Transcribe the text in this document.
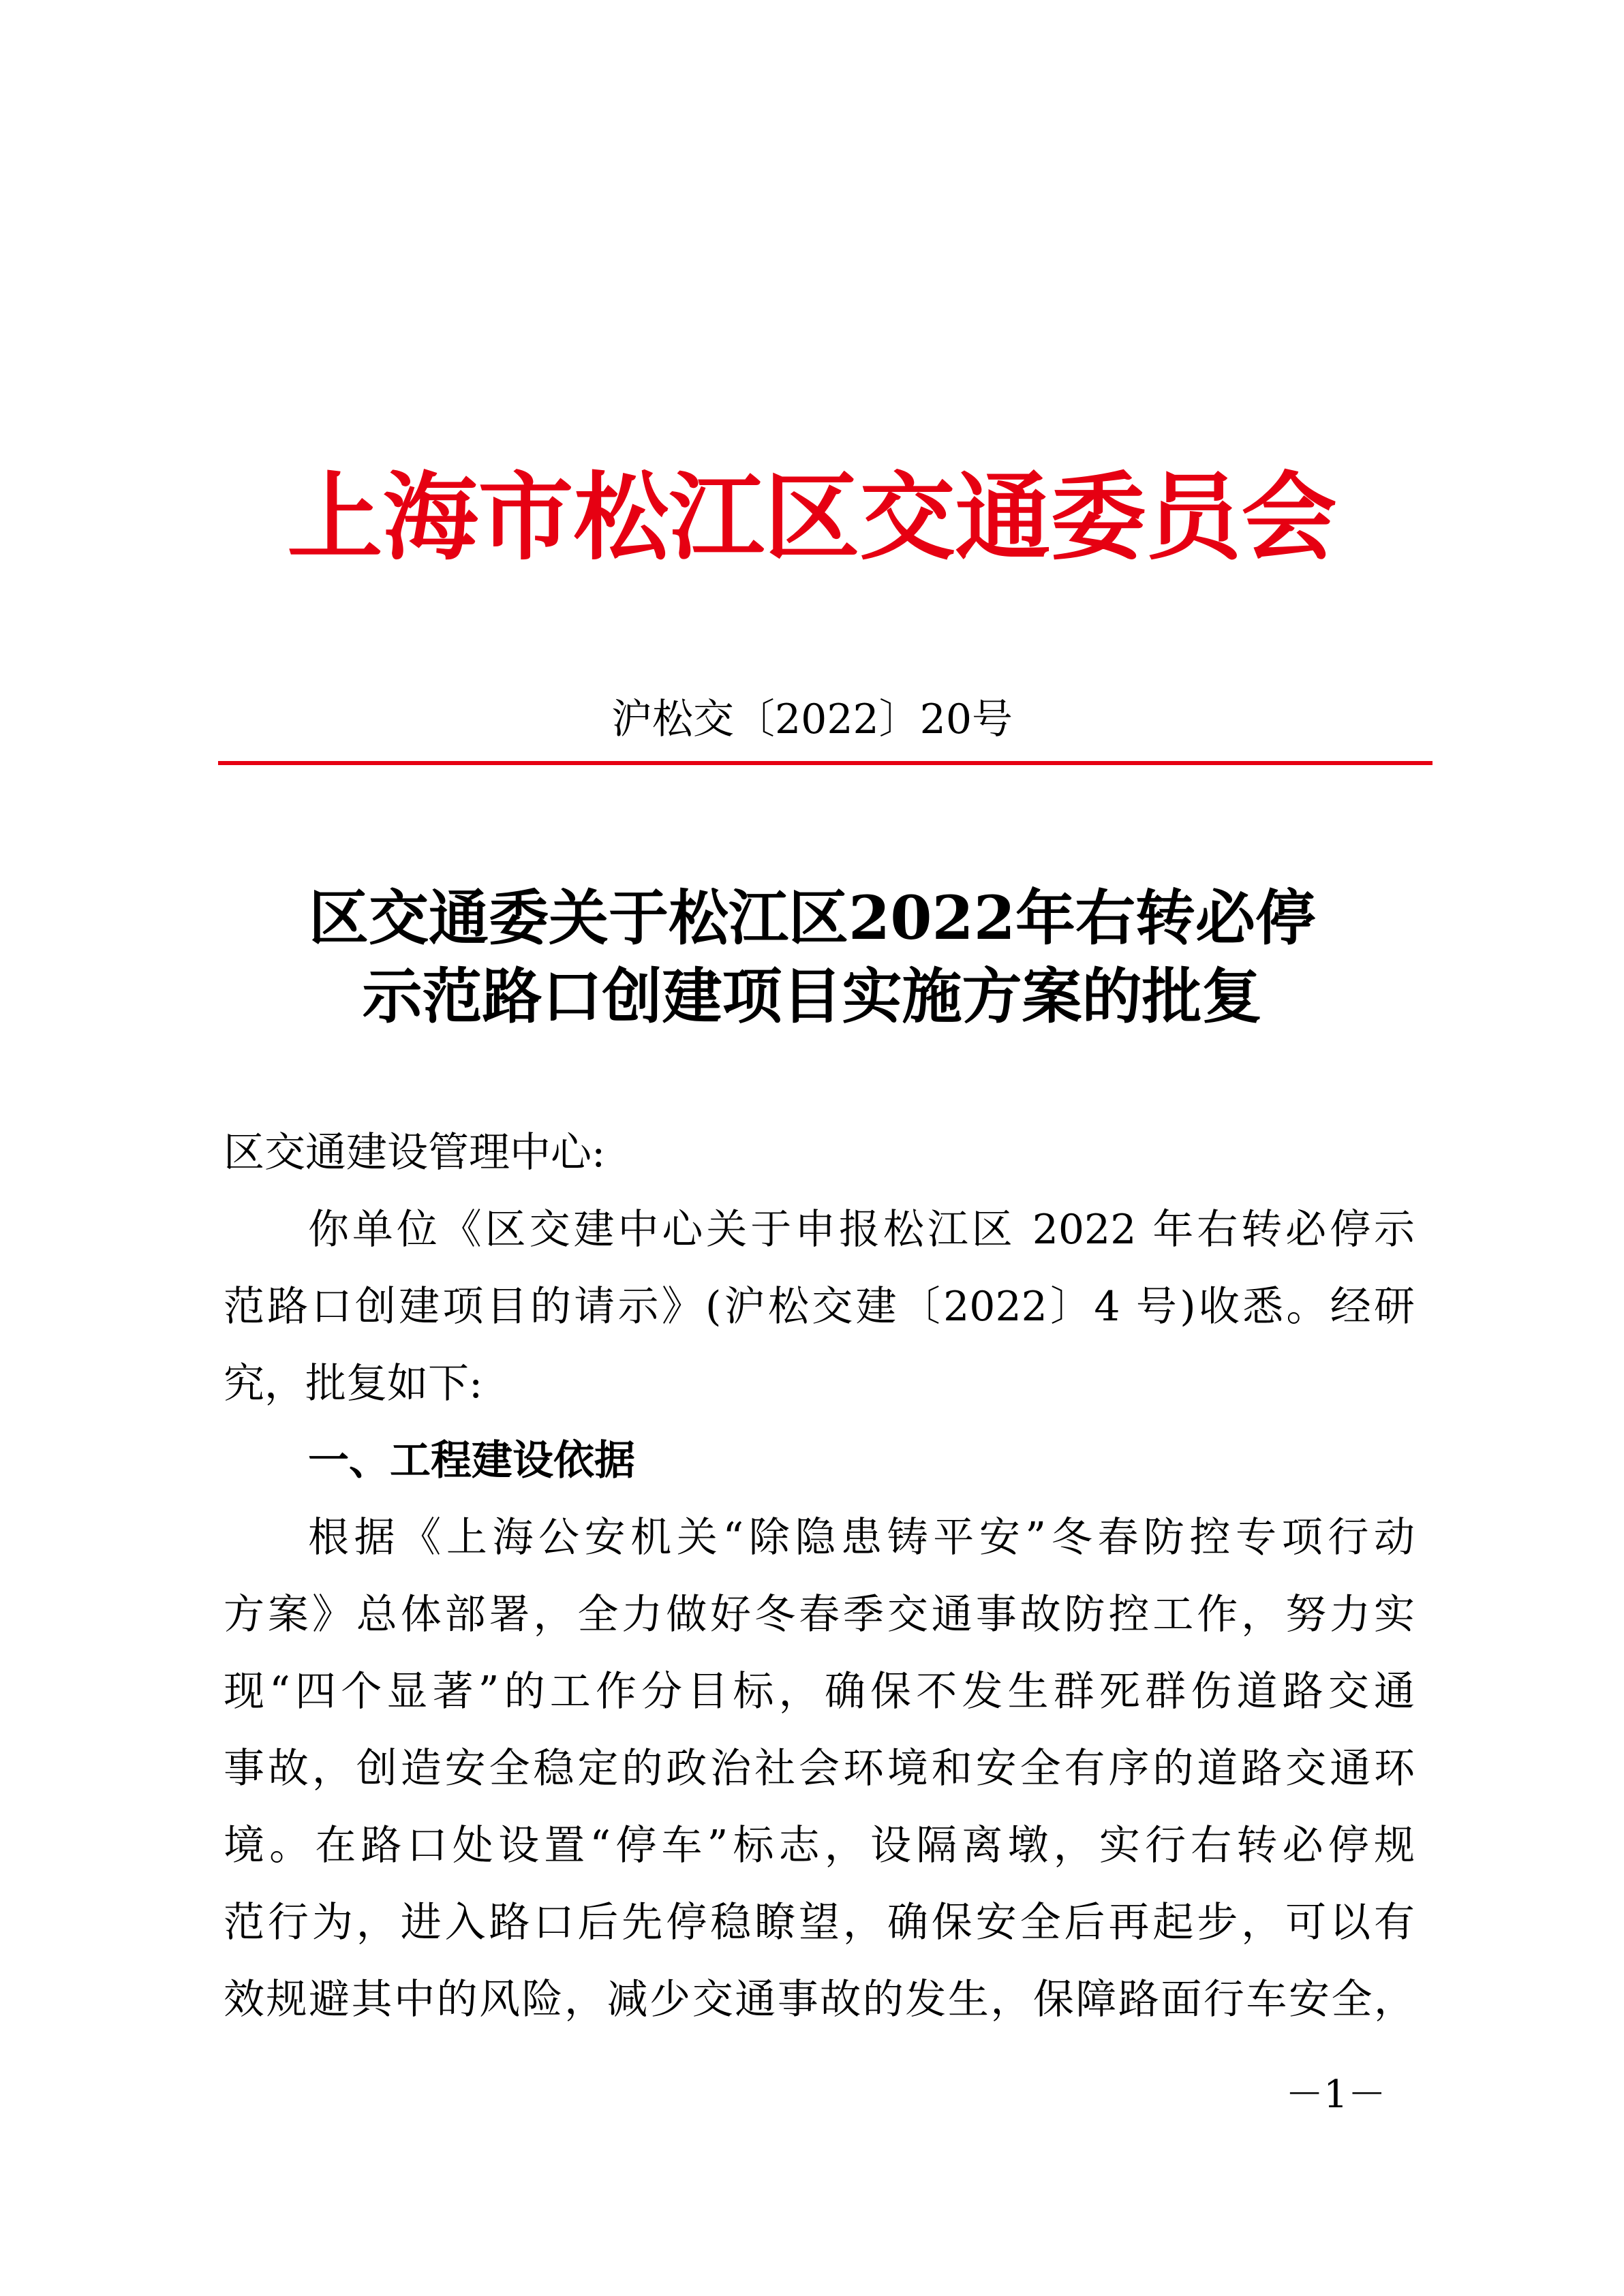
上海市松江区交通委员会
沪松交〔2022〕20号
区交通委关于松江区2022年右转必停
示范路口创建项目实施方案的批复
区交通建设管理中心:
你单位《区交建中心关于申报松江区 2022 年右转必停示
范路口创建项目的请示》(沪松交建〔2022〕4 号)收悉。经研
究，批复如下:
一、工程建设依据
根据《上海公安机关“除隐患铸平安”冬春防控专项行动
方案》总体部署，全力做好冬春季交通事故防控工作，努力实
现“四个显著”的工作分目标，确保不发生群死群伤道路交通
事故，创造安全稳定的政治社会环境和安全有序的道路交通环
境。在路口处设置“停车”标志，设隔离墩，实行右转必停规
范行为，进入路口后先停稳瞭望，确保安全后再起步，可以有
效规避其中的风险，减少交通事故的发生，保障路面行车安全，
－1－
